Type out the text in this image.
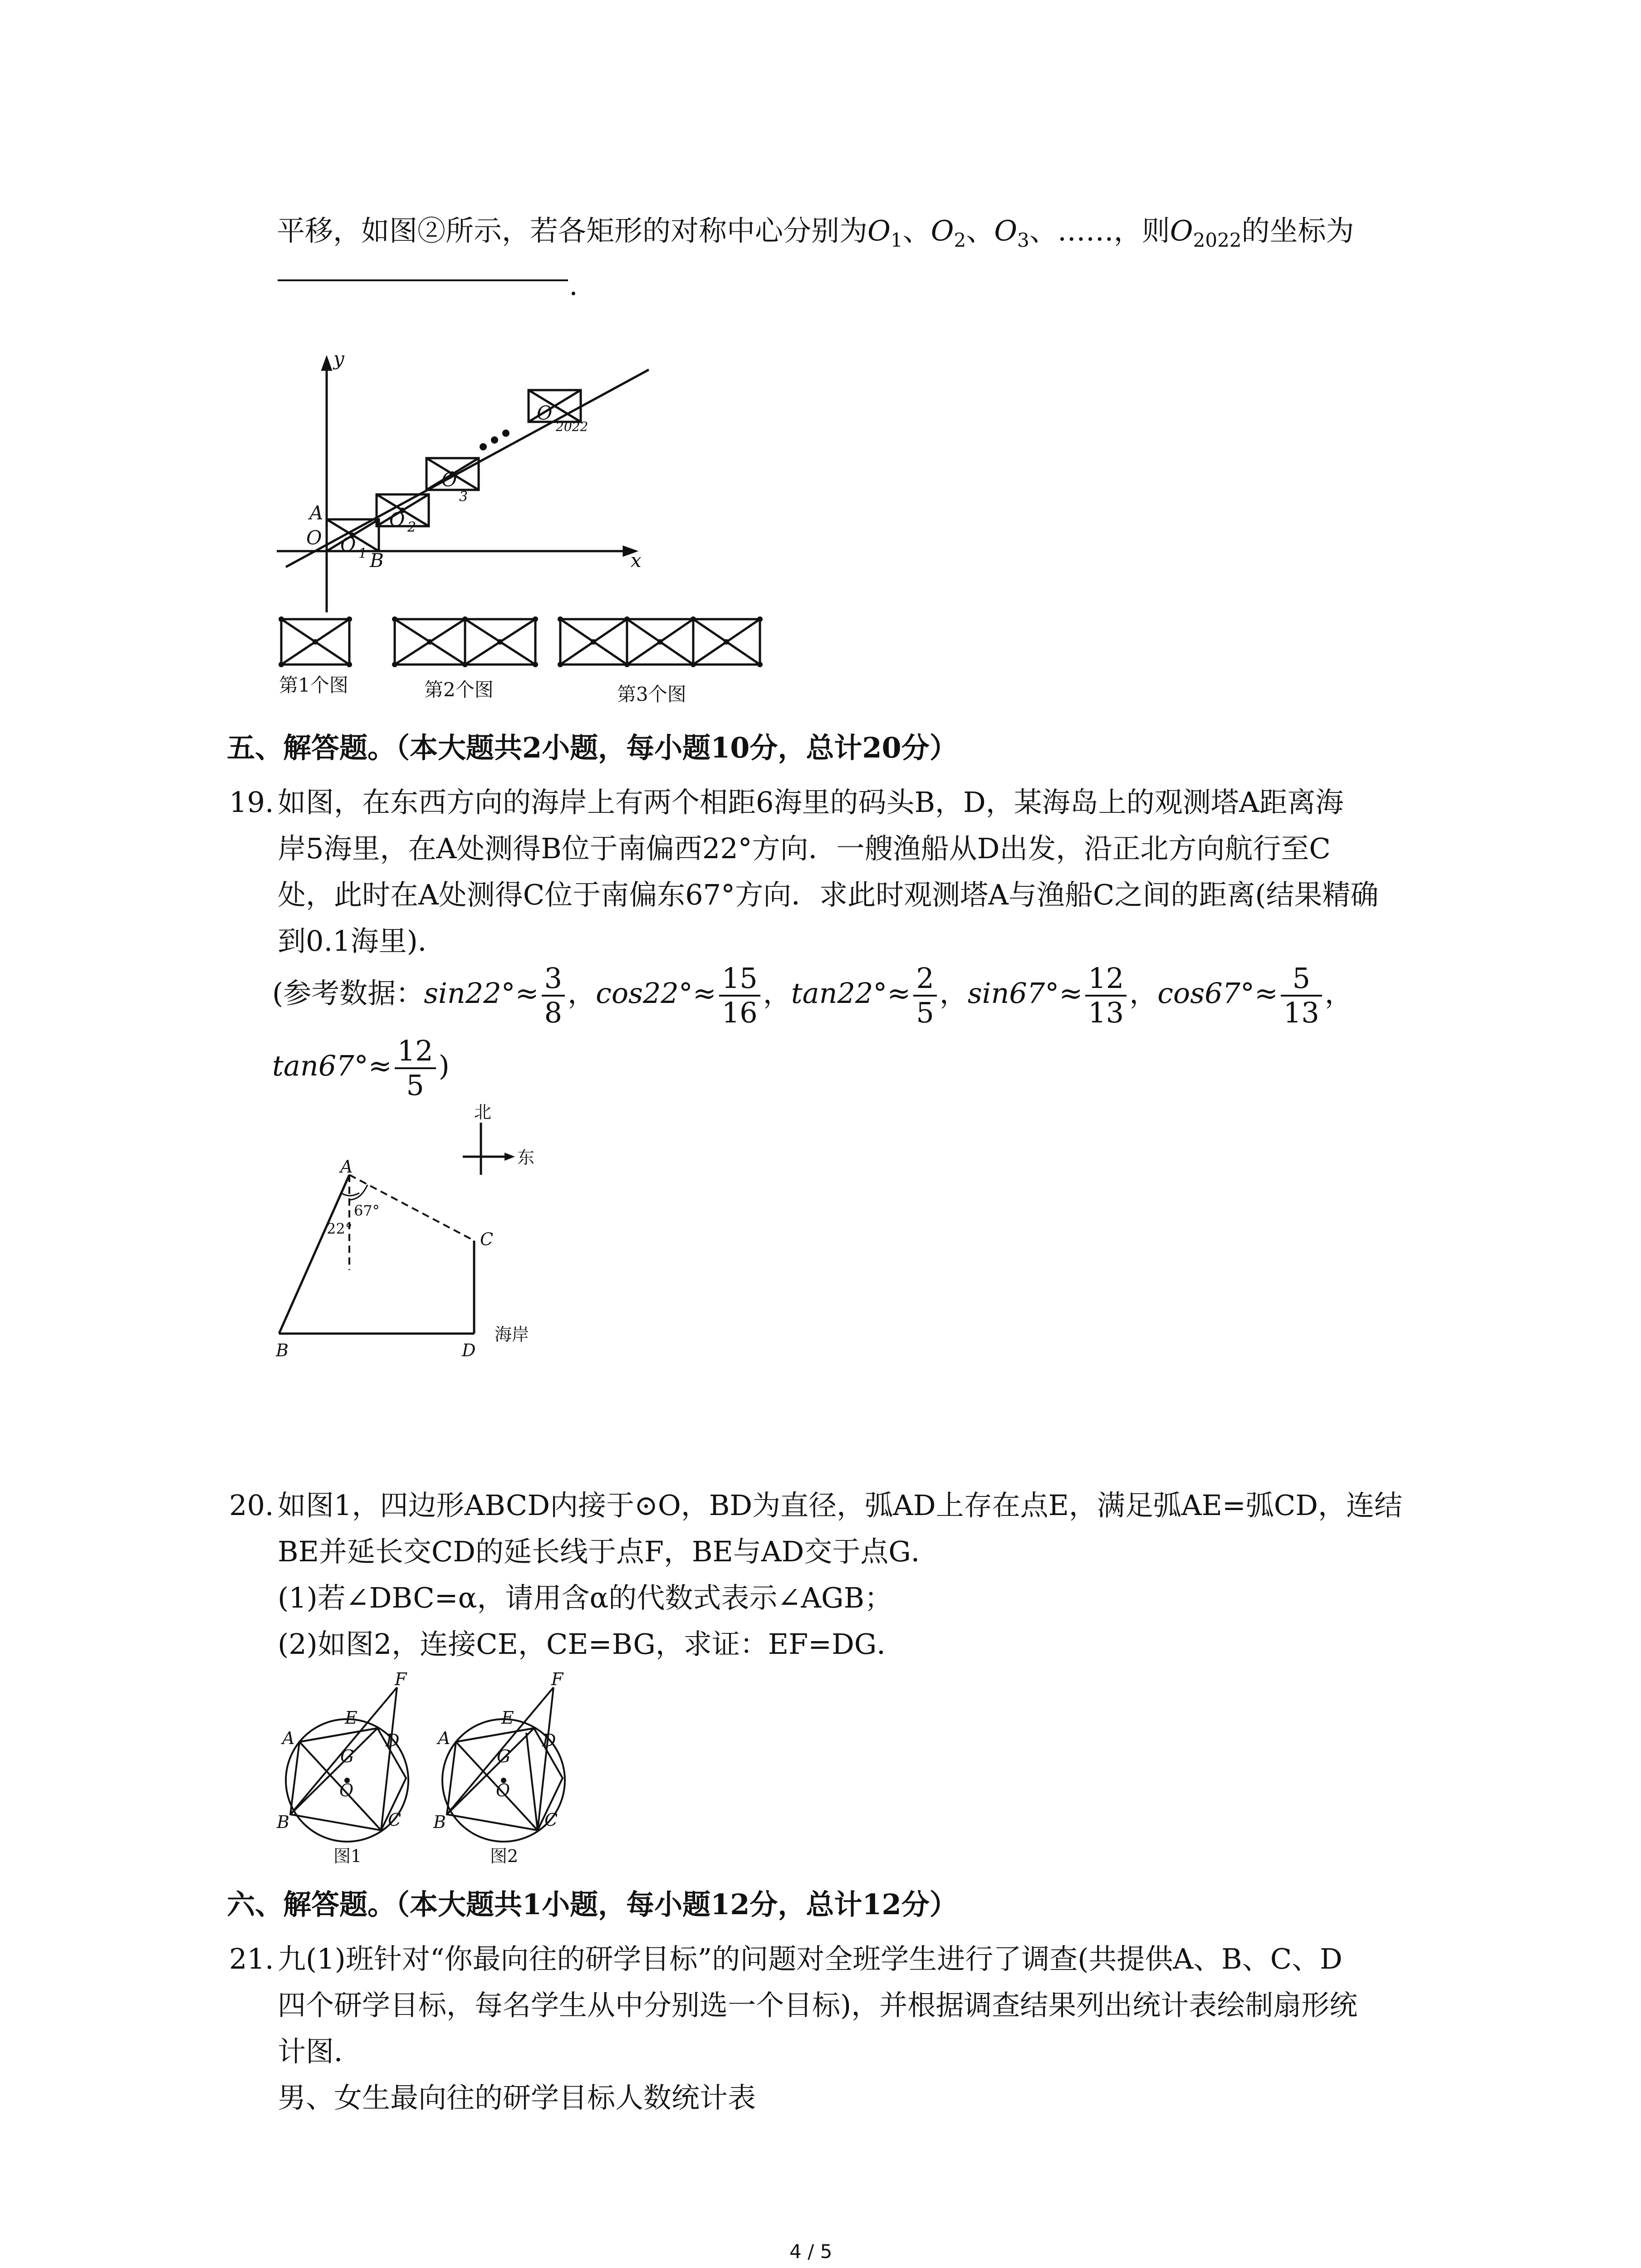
平移，如图②所示，若各矩形的对称中心分别为$O_1$、$O_2$、$O_3$、……，则$O_{2022}$的坐标为
.
y
x
A
O O 1 B
O 2
O
3
O
2022
第1个图	第2个图	第3个图
五、解答题。（本大题共2小题，每小题10分，总计20分）
19. 如图，在东西方向的海岸上有两个相距6海里的码头B，D，某海岛上的观测塔A距离海
岸5海里，在A处测得B位于南偏西22°方向．一艘渔船从D出发，沿正北方向航行至C
处，此时在A处测得C位于南偏东67°方向．求此时观测塔A与渔船C之间的距离(结果精确
到0.1海里)．
(参考数据：$\sin 22^\circ\approx \frac{3}{8}$ ，$\cos 22^\circ\approx \frac{15}{16}$ ，$\tan 22^\circ\approx \frac{2}{5}$ ，$\sin 67^\circ\approx \frac{12}{13}$ ，$\cos 67^\circ\approx \frac{5}{13}$ ，
$\tan 67^\circ\approx \frac{12}{5}$ )
北
东
A
67°
22°
C
B	D
海岸
20. 如图1，四边形ABCD内接于⊙O，BD为直径，弧AD上存在点E，满足弧AE=弧CD，连结
BE并延长交CD的延长线于点F，BE与AD交于点G．
(1)若∠DBC=α，请用含α的代数式表示∠AGB；
(2)如图2，连接CE，CE=BG，求证：EF=DG．
F
E
A
G
D
O
B	C
图1
F
E
A
G
D
O
B	C
图2
六、解答题。（本大题共1小题，每小题12分，总计12分）
21. 九(1)班针对“你最向往的研学目标”的问题对全班学生进行了调查(共提供A、B、C、D
四个研学目标，每名学生从中分别选一个目标)，并根据调查结果列出统计表绘制扇形统
计图．
男、女生最向往的研学目标人数统计表
4 / 5
